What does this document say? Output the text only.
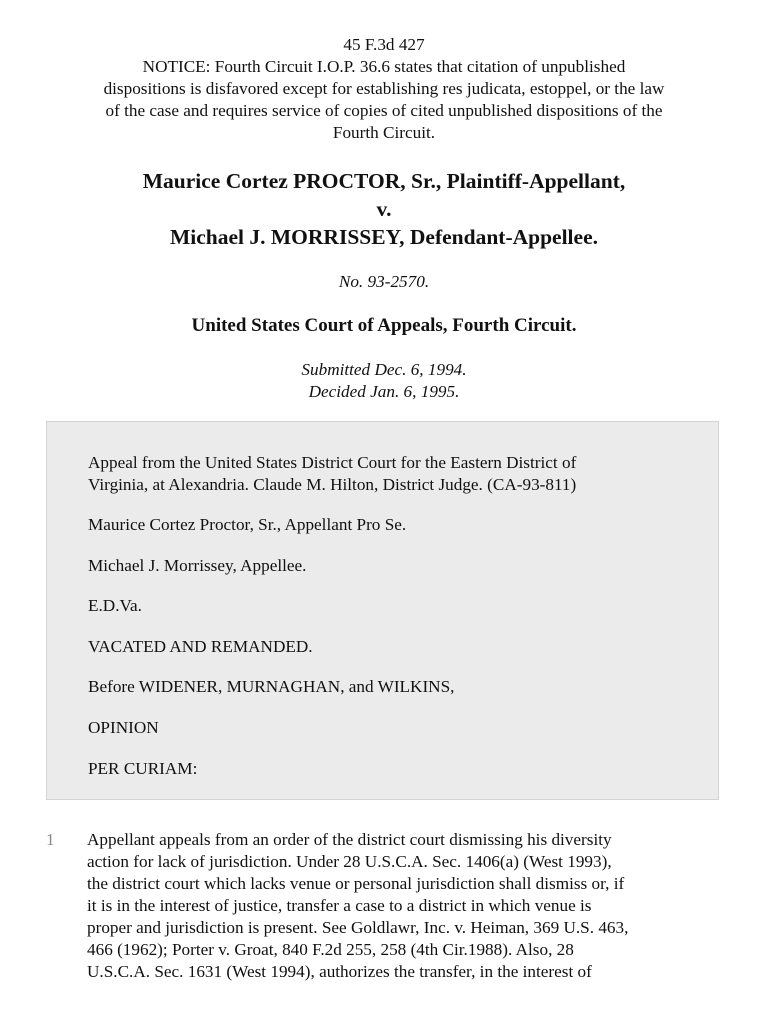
45 F.3d 427
NOTICE: Fourth Circuit I.O.P. 36.6 states that citation of unpublished
dispositions is disfavored except for establishing res judicata, estoppel, or the law
of the case and requires service of copies of cited unpublished dispositions of the
Fourth Circuit.
Maurice Cortez PROCTOR, Sr., Plaintiff-Appellant,
v.
Michael J. MORRISSEY, Defendant-Appellee.
No. 93-2570.
United States Court of Appeals, Fourth Circuit.
Submitted Dec. 6, 1994.
Decided Jan. 6, 1995.
Appeal from the United States District Court for the Eastern District of
Virginia, at Alexandria. Claude M. Hilton, District Judge. (CA-93-811)
Maurice Cortez Proctor, Sr., Appellant Pro Se.
Michael J. Morrissey, Appellee.
E.D.Va.
VACATED AND REMANDED.
Before WIDENER, MURNAGHAN, and WILKINS,
OPINION
PER CURIAM:
1 Appellant appeals from an order of the district court dismissing his diversity
action for lack of jurisdiction. Under 28 U.S.C.A. Sec. 1406(a) (West 1993),
the district court which lacks venue or personal jurisdiction shall dismiss or, if
it is in the interest of justice, transfer a case to a district in which venue is
proper and jurisdiction is present. See Goldlawr, Inc. v. Heiman, 369 U.S. 463,
466 (1962); Porter v. Groat, 840 F.2d 255, 258 (4th Cir.1988). Also, 28
U.S.C.A. Sec. 1631 (West 1994), authorizes the transfer, in the interest of
